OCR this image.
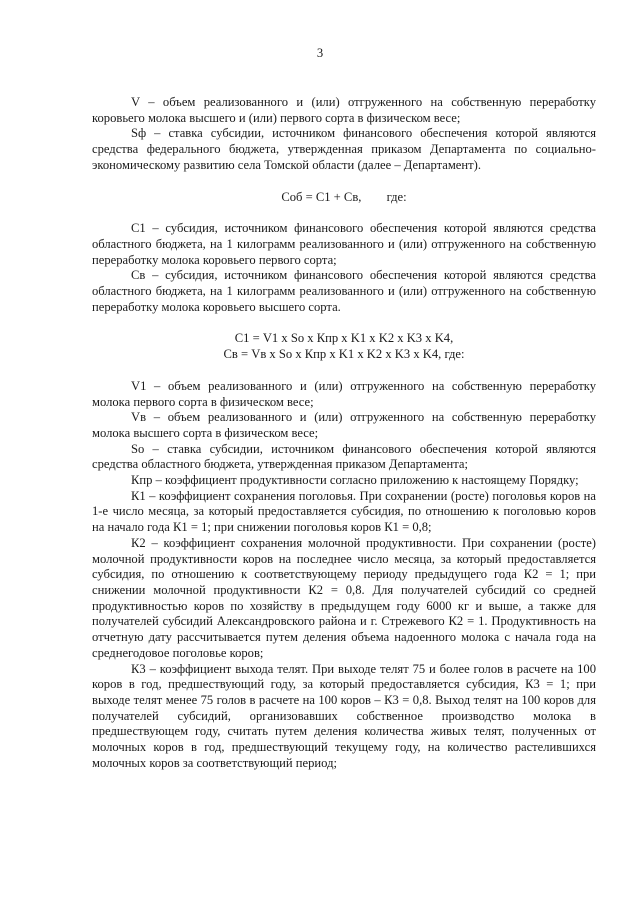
3

V – объем реализованного и (или) отгруженного на собственную переработку коровьего молока высшего и (или) первого сорта в физическом весе;

Sф – ставка субсидии, источником финансового обеспечения которой являются средства федерального бюджета, утвержденная приказом Департамента по социально-экономическому развитию села Томской области (далее – Департамент).

Соб = С1 + Св,        где:

С1 – субсидия, источником финансового обеспечения которой являются средства областного бюджета, на 1 килограмм реализованного и (или) отгруженного на собственную переработку молока коровьего первого сорта;

Св – субсидия, источником финансового обеспечения которой являются средства областного бюджета, на 1 килограмм реализованного и (или) отгруженного на собственную переработку молока коровьего высшего сорта.

С1 = V1 x So x Кпр x K1 x K2 x K3 x K4,

Св = Vв x So x Кпр x K1 x K2 x K3 x K4, где:

V1 – объем реализованного и (или) отгруженного на собственную переработку молока первого сорта в физическом весе;

Vв – объем реализованного и (или) отгруженного на собственную переработку молока высшего сорта в физическом весе;

Sо – ставка субсидии, источником финансового обеспечения которой являются средства областного бюджета, утвержденная приказом Департамента;

Кпр – коэффициент продуктивности согласно приложению к настоящему Порядку;

К1 – коэффициент сохранения поголовья. При сохранении (росте) поголовья коров на 1-е число месяца, за который предоставляется субсидия, по отношению к поголовью коров на начало года К1 = 1; при снижении поголовья коров К1 = 0,8;

К2 – коэффициент сохранения молочной продуктивности. При сохранении (росте) молочной продуктивности коров на последнее число месяца, за который предоставляется субсидия, по отношению к соответствующему периоду предыдущего года К2 = 1; при снижении молочной продуктивности К2 = 0,8. Для получателей субсидий со средней продуктивностью коров по хозяйству в предыдущем году 6000 кг и выше, а также для получателей субсидий Александровского района и г. Стрежевого К2 = 1. Продуктивность на отчетную дату рассчитывается путем деления объема надоенного молока с начала года на среднегодовое поголовье коров;

К3 – коэффициент выхода телят. При выходе телят 75 и более голов в расчете на 100 коров в год, предшествующий году, за который предоставляется субсидия, К3 = 1; при выходе телят менее 75 голов в расчете на 100 коров – К3 = 0,8. Выход телят на 100 коров для получателей субсидий, организовавших собственное производство молока в предшествующем году, считать путем деления количества живых телят, полученных от молочных коров в год, предшествующий текущему году, на количество растелившихся молочных коров за соответствующий период;
